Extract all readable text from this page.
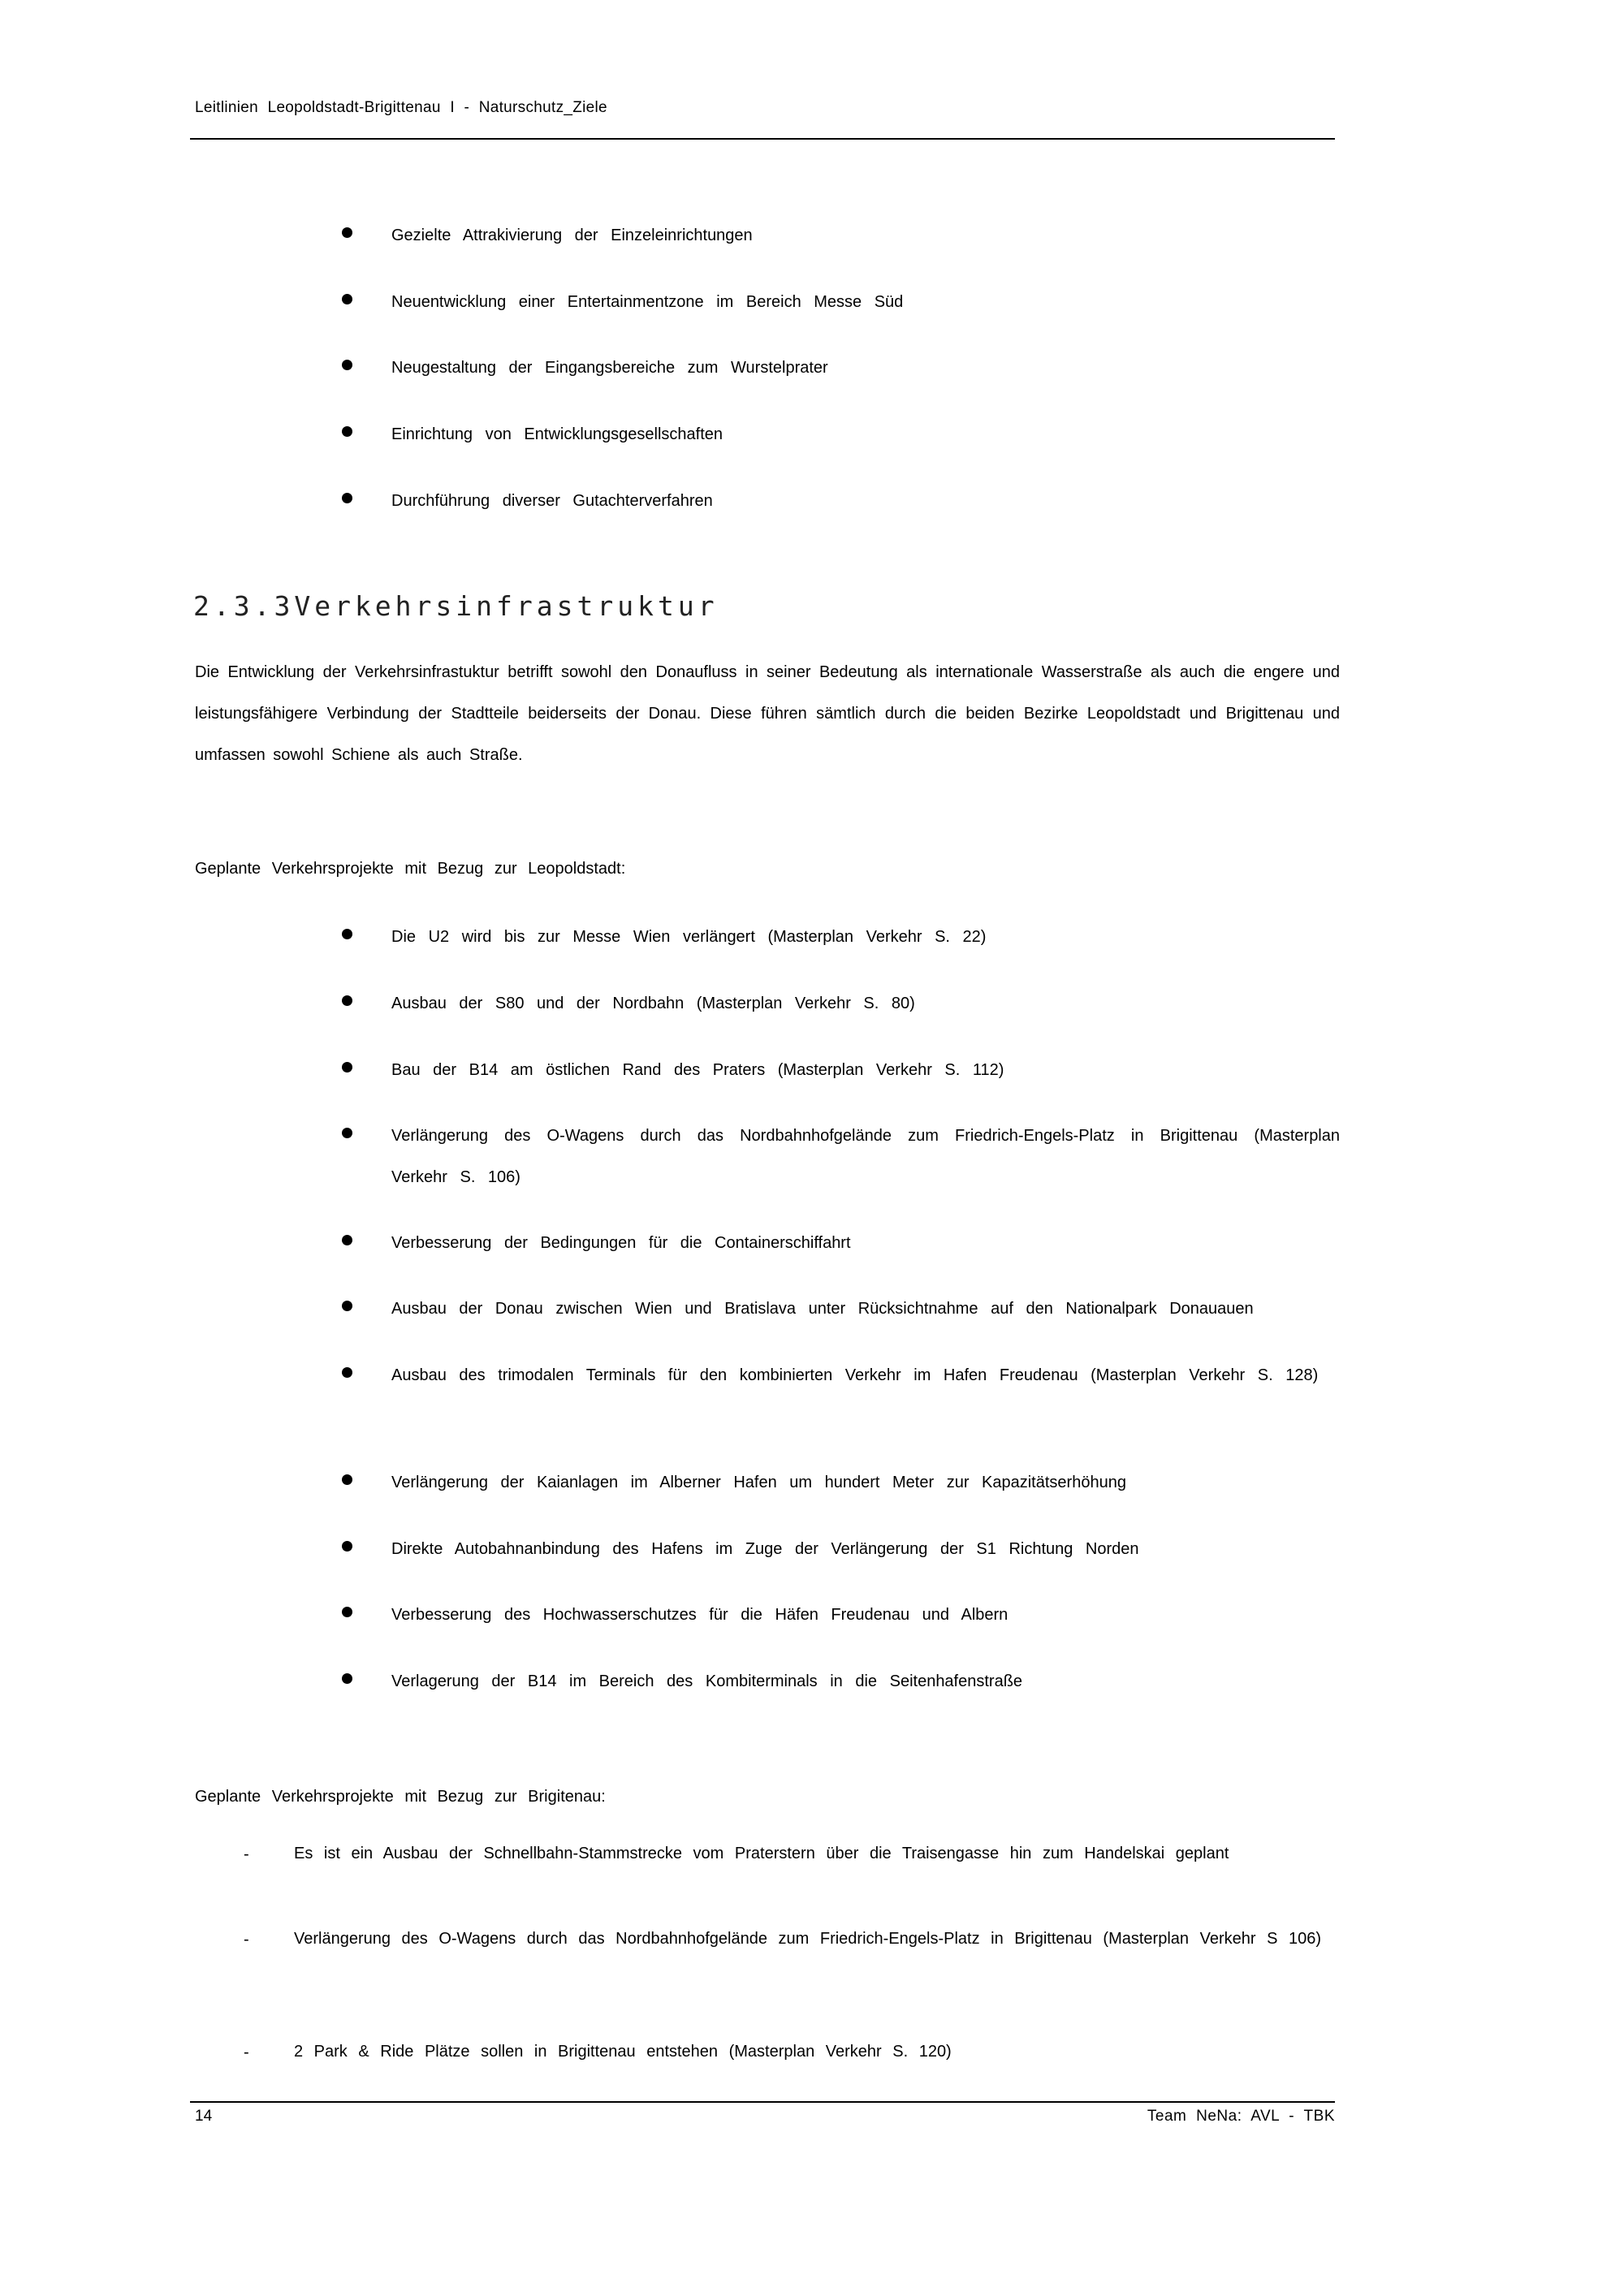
Leitlinien Leopoldstadt-Brigittenau I - Naturschutz_Ziele
Gezielte Attrakivierung der Einzeleinrichtungen
Neuentwicklung einer Entertainmentzone im Bereich Messe Süd
Neugestaltung der Eingangsbereiche zum Wurstelprater
Einrichtung von Entwicklungsgesellschaften
Durchführung diverser Gutachterverfahren
2.3.3Verkehrsinfrastruktur
Die Entwicklung der Verkehrsinfrastuktur betrifft sowohl den Donaufluss in seiner Bedeutung als internationale Wasserstraße als auch die engere und leistungsfähigere Verbindung der Stadtteile beiderseits der Donau. Diese führen sämtlich durch die beiden Bezirke Leopoldstadt und Brigittenau und umfassen sowohl Schiene als auch Straße.
Geplante Verkehrsprojekte mit Bezug zur Leopoldstadt:
Die U2 wird bis zur Messe Wien verlängert (Masterplan Verkehr S. 22)
Ausbau der S80 und der Nordbahn (Masterplan Verkehr S. 80)
Bau der B14 am östlichen Rand des Praters (Masterplan Verkehr S. 112)
Verlängerung des O-Wagens durch das Nordbahnhofgelände zum Friedrich-Engels-Platz in Brigittenau (Masterplan Verkehr S. 106)
Verbesserung der Bedingungen für die Containerschiffahrt
Ausbau der Donau zwischen Wien und Bratislava unter Rücksichtnahme auf den Nationalpark Donauauen
Ausbau des trimodalen Terminals für den kombinierten Verkehr im Hafen Freudenau (Masterplan Verkehr S. 128)
Verlängerung der Kaianlagen im Alberner Hafen um hundert Meter zur Kapazitätserhöhung
Direkte Autobahnanbindung des Hafens im Zuge der Verlängerung der S1 Richtung Norden
Verbesserung des Hochwasserschutzes für die Häfen Freudenau und Albern
Verlagerung der B14 im Bereich des Kombiterminals in die Seitenhafenstraße
Geplante Verkehrsprojekte mit Bezug zur Brigitenau:
-	Es ist ein Ausbau der Schnellbahn-Stammstrecke vom Praterstern über die Traisengasse hin zum Handelskai geplant
-	Verlängerung des O-Wagens durch das Nordbahnhofgelände zum Friedrich-Engels-Platz in Brigittenau (Masterplan Verkehr S 106)
-	2 Park & Ride Plätze sollen in Brigittenau entstehen (Masterplan Verkehr S. 120)
14	Team NeNa: AVL - TBK
